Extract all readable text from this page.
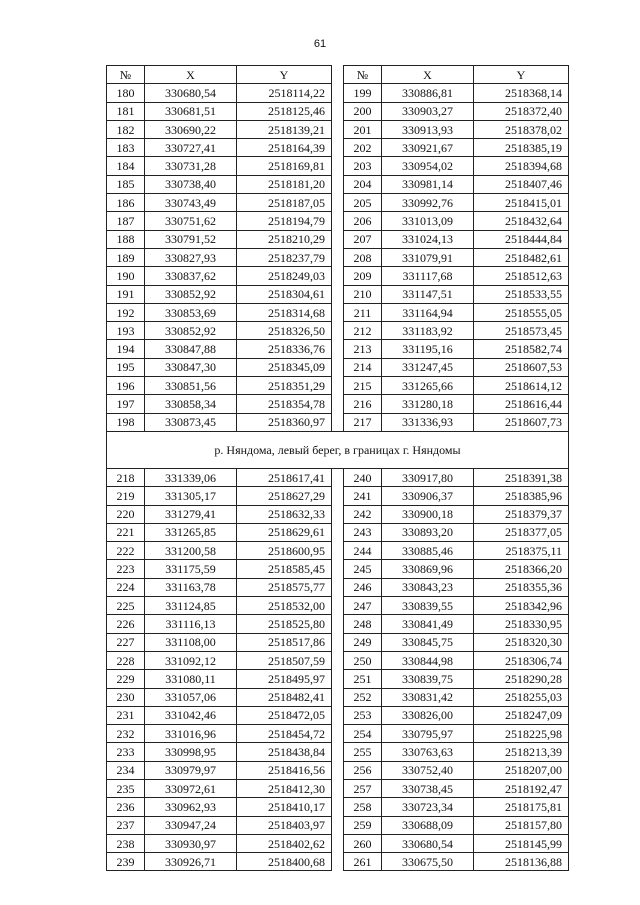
61
№	X	Y		№	X	Y
180	330680,54	2518114,22		199	330886,81	2518368,14
181	330681,51	2518125,46		200	330903,27	2518372,40
182	330690,22	2518139,21		201	330913,93	2518378,02
183	330727,41	2518164,39		202	330921,67	2518385,19
184	330731,28	2518169,81		203	330954,02	2518394,68
185	330738,40	2518181,20		204	330981,14	2518407,46
186	330743,49	2518187,05		205	330992,76	2518415,01
187	330751,62	2518194,79		206	331013,09	2518432,64
188	330791,52	2518210,29		207	331024,13	2518444,84
189	330827,93	2518237,79		208	331079,91	2518482,61
190	330837,62	2518249,03		209	331117,68	2518512,63
191	330852,92	2518304,61		210	331147,51	2518533,55
192	330853,69	2518314,68		211	331164,94	2518555,05
193	330852,92	2518326,50		212	331183,92	2518573,45
194	330847,88	2518336,76		213	331195,16	2518582,74
195	330847,30	2518345,09		214	331247,45	2518607,53
196	330851,56	2518351,29		215	331265,66	2518614,12
197	330858,34	2518354,78		216	331280,18	2518616,44
198	330873,45	2518360,97		217	331336,93	2518607,73
р. Няндома, левый берег, в границах г. Няндомы						
218	331339,06	2518617,41		240	330917,80	2518391,38
219	331305,17	2518627,29		241	330906,37	2518385,96
220	331279,41	2518632,33		242	330900,18	2518379,37
221	331265,85	2518629,61		243	330893,20	2518377,05
222	331200,58	2518600,95		244	330885,46	2518375,11
223	331175,59	2518585,45		245	330869,96	2518366,20
224	331163,78	2518575,77		246	330843,23	2518355,36
225	331124,85	2518532,00		247	330839,55	2518342,96
226	331116,13	2518525,80		248	330841,49	2518330,95
227	331108,00	2518517,86		249	330845,75	2518320,30
228	331092,12	2518507,59		250	330844,98	2518306,74
229	331080,11	2518495,97		251	330839,75	2518290,28
230	331057,06	2518482,41		252	330831,42	2518255,03
231	331042,46	2518472,05		253	330826,00	2518247,09
232	331016,96	2518454,72		254	330795,97	2518225,98
233	330998,95	2518438,84		255	330763,63	2518213,39
234	330979,97	2518416,56		256	330752,40	2518207,00
235	330972,61	2518412,30		257	330738,45	2518192,47
236	330962,93	2518410,17		258	330723,34	2518175,81
237	330947,24	2518403,97		259	330688,09	2518157,80
238	330930,97	2518402,62		260	330680,54	2518145,99
239	330926,71	2518400,68		261	330675,50	2518136,88
